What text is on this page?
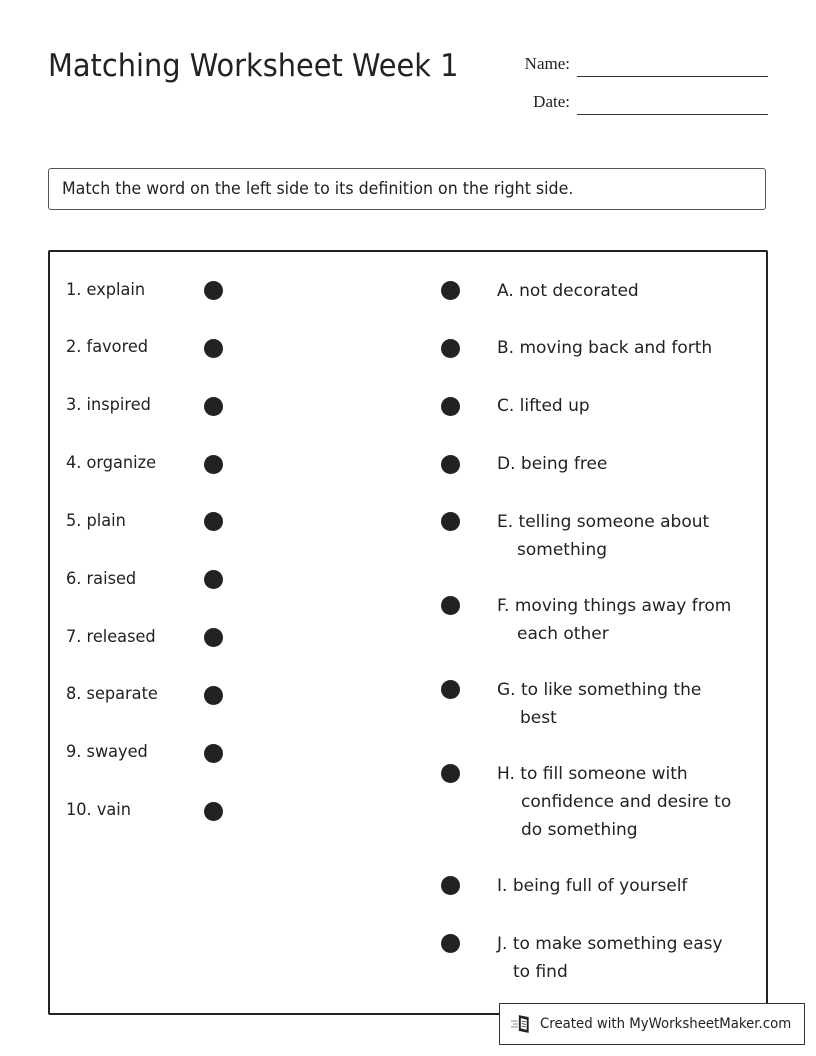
Matching Worksheet Week 1	Name:
Date:
Match the word on the left side to its definition on the right side.
1. explain
2. favored
3. inspired
4. organize
5. plain
6. raised
7. released
8. separate
9. swayed
10. vain
A. not decorated
B. moving back and forth
C. lifted up
D. being free
E. telling someone about
something
F. moving things away from
each other
G. to like something the
best
H. to fill someone with
confidence and desire to
do something
I. being full of yourself
J. to make something easy
to find
Created with MyWorksheetMaker.com
